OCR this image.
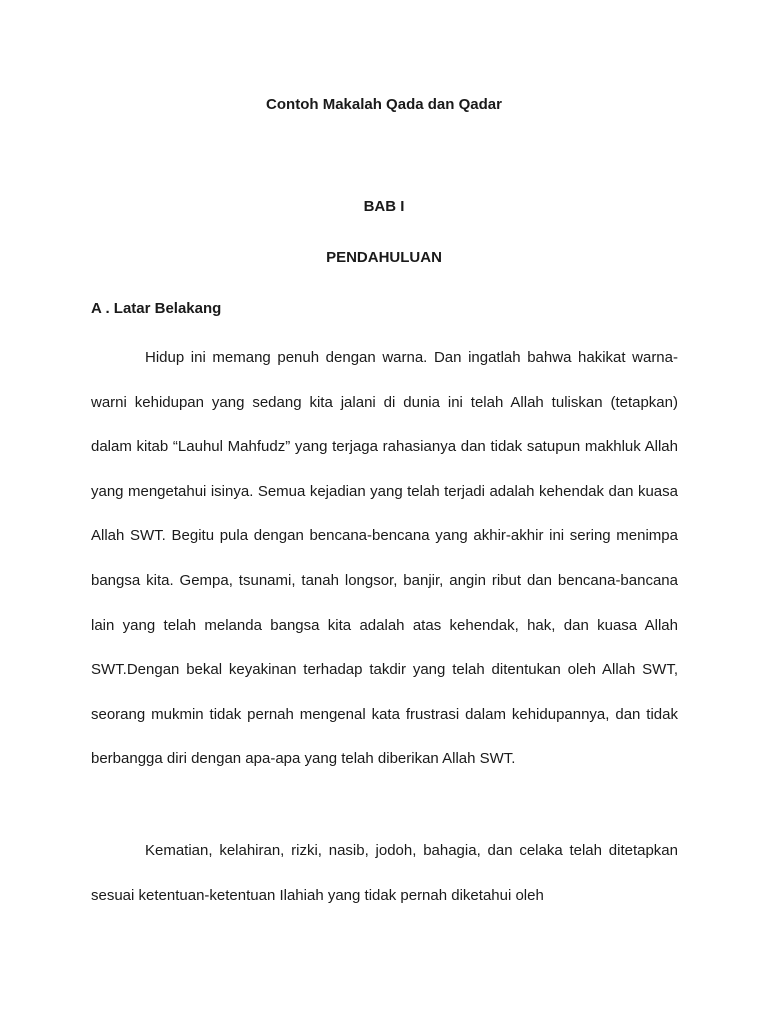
Contoh Makalah Qada dan Qadar
BAB I
PENDAHULUAN
A . Latar Belakang

Hidup ini memang penuh dengan warna. Dan ingatlah bahwa hakikat warna-warni kehidupan yang sedang kita jalani di dunia ini telah Allah tuliskan (tetapkan) dalam kitab “Lauhul Mahfudz” yang terjaga rahasianya dan tidak satupun makhluk Allah yang mengetahui isinya. Semua kejadian yang telah terjadi adalah kehendak dan kuasa Allah SWT. Begitu pula dengan bencana-bencana yang akhir-akhir ini sering menimpa bangsa kita. Gempa, tsunami, tanah longsor, banjir, angin ribut dan bencana-bancana lain yang telah melanda bangsa kita adalah atas kehendak, hak, dan kuasa Allah SWT.Dengan bekal keyakinan terhadap takdir yang telah ditentukan oleh Allah SWT, seorang mukmin tidak pernah mengenal kata frustrasi dalam kehidupannya, dan tidak berbangga diri dengan apa-apa yang telah diberikan Allah SWT.

Kematian, kelahiran, rizki, nasib, jodoh, bahagia, dan celaka telah ditetapkan sesuai ketentuan-ketentuan Ilahiah yang tidak pernah diketahui oleh
